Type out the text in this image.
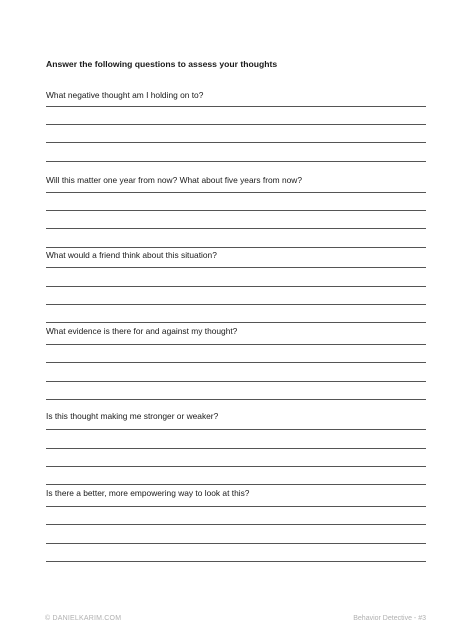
Answer the following questions to assess your thoughts
What negative thought am I holding on to?
Will this matter one year from now? What about five years from now?
What would a friend think about this situation?
What evidence is there for and against my thought?
Is this thought making me stronger or weaker?
Is there a better, more empowering way to look at this?
© DANIELKARIM.COM	Behavior Detective - #3
